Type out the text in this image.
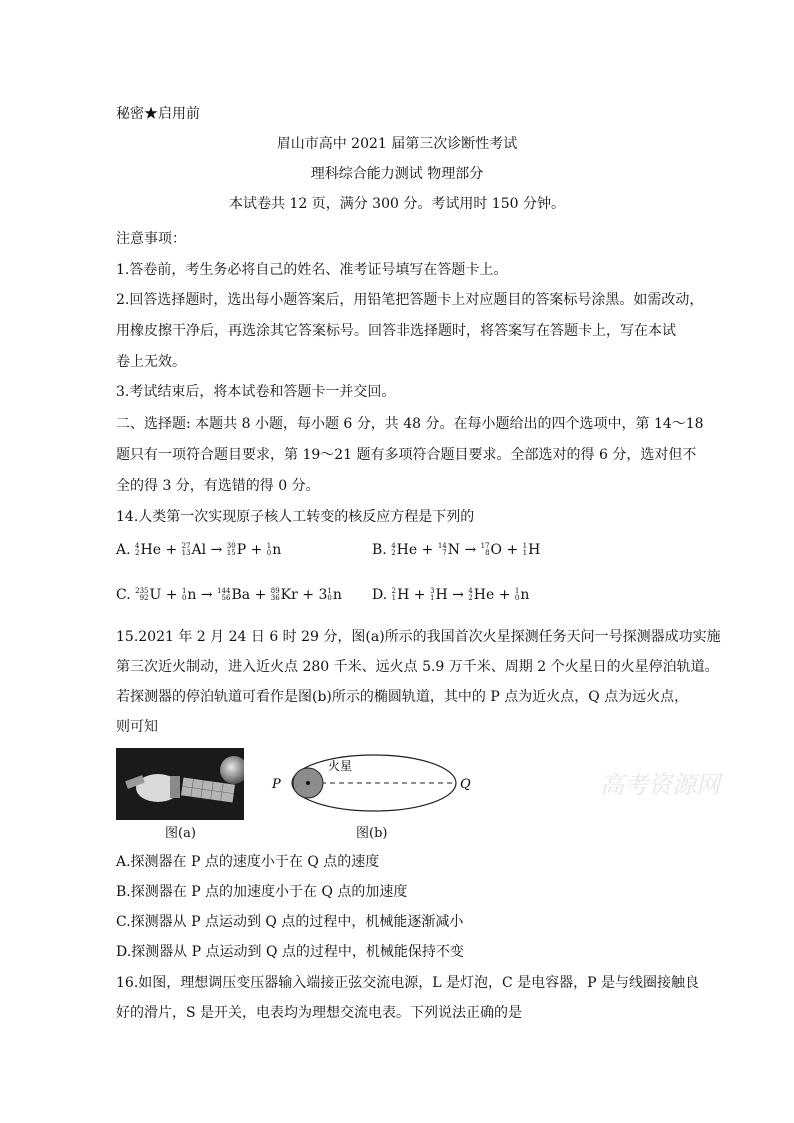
秘密★启用前
眉山市高中 2021 届第三次诊断性考试
理科综合能力测试 物理部分
本试卷共 12 页，满分 300 分。考试用时 150 分钟。
注意事项：
1.答卷前，考生务必将自己的姓名、准考证号填写在答题卡上。
2.回答选择题时，选出每小题答案后，用铅笔把答题卡上对应题目的答案标号涂黑。如需改动，
用橡皮擦干净后，再选涂其它答案标号。回答非选择题时，将答案写在答题卡上，写在本试
卷上无效。
3.考试结束后，将本试卷和答题卡一并交回。
二、选择题: 本题共 8 小题，每小题 6 分，共 48 分。在每小题给出的四个选项中，第 14～18
题只有一项符合题目要求，第 19～21 题有多项符合题目要求。全部选对的得 6 分，选对但不
全的得 3 分，有选错的得 0 分。
14.人类第一次实现原子核人工转变的核反应方程是下列的
A. 4
2 He + 27
13 Al → 30
15 P + 1
0 n	B. 4
2 He + 14
7 N → 17
8 O + 1
1 H
C. 235
92 U + 1
0 n → 144
56 Ba + 89
36 Kr + 3 1
0 n D. 2
1 H + 3
1 H → 4
2 He + 1
0 n
15.2021 年 2 月 24 日 6 时 29 分，图(a)所示的我国首次火星探测任务天问一号探测器成功实施
第三次近火制动，进入近火点 280 千米、远火点 5.9 万千米、周期 2 个火星日的火星停泊轨道。
若探测器的停泊轨道可看作是图(b)所示的椭圆轨道，其中的 P 点为近火点，Q 点为远火点，
则可知
图(a)
火星
P	Q
图(b)
高考资源网
A.探测器在 P 点的速度小于在 Q 点的速度
B.探测器在 P 点的加速度小于在 Q 点的加速度
C.探测器从 P 点运动到 Q 点的过程中，机械能逐渐减小
D.探测器从 P 点运动到 Q 点的过程中，机械能保持不变
16.如图，理想调压变压器输入端接正弦交流电源，L 是灯泡，C 是电容器，P 是与线圈接触良
好的滑片，S 是开关，电表均为理想交流电表。下列说法正确的是
